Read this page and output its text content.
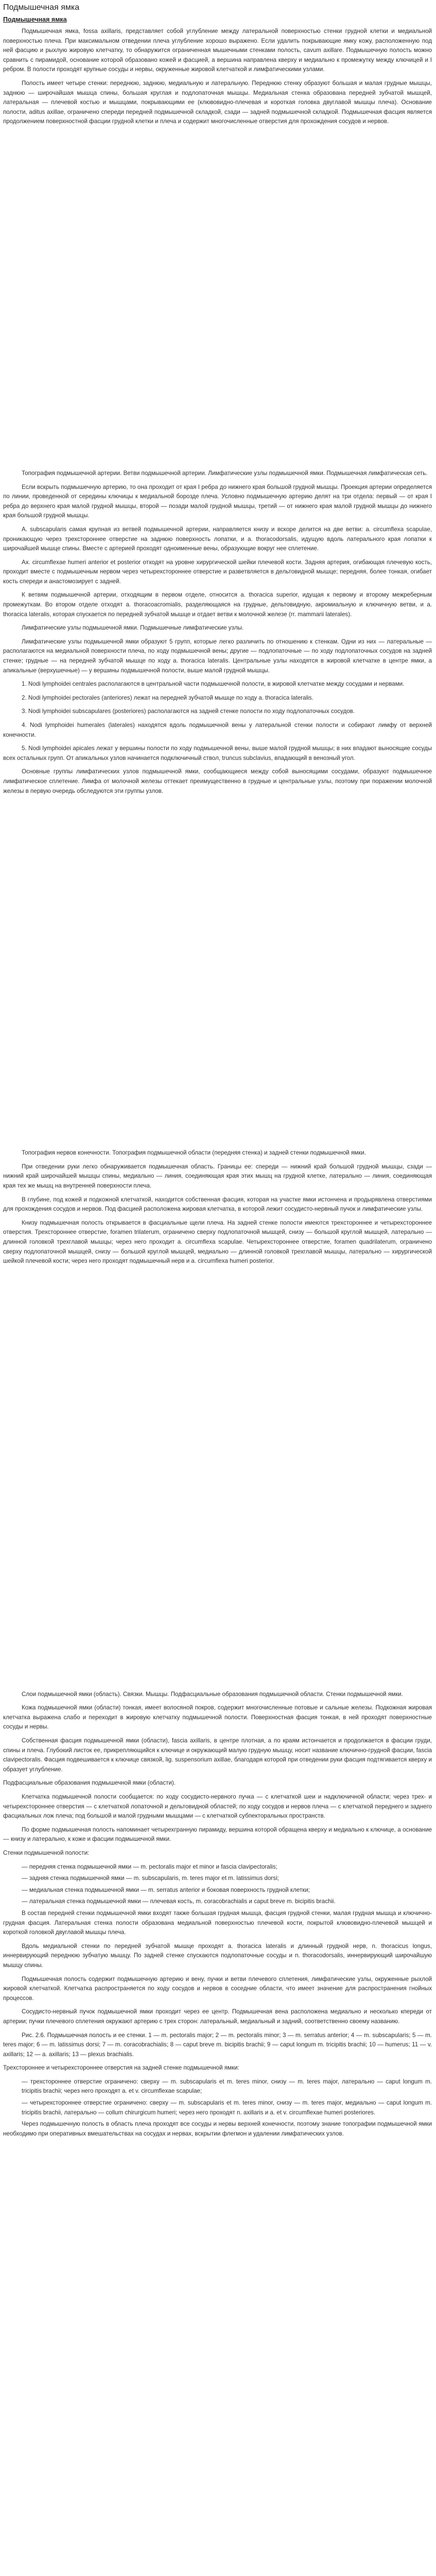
Подмышечная ямка
Подмышечная ямка

Подмышечная ямка, fossa axillaris, представляет собой углубление между латеральной поверхностью стенки грудной клетки и медиальной поверхностью плеча. При максимальном отведении плеча углубление хорошо выражено. Если удалить покрывающие ямку кожу, расположенную под ней фасцию и рыхлую жировую клетчатку, то обнаружится ограниченная мышечными стенками полость, cavum axillare. Подмышечную полость можно сравнить с пирамидой, основание которой образовано кожей и фасцией, а вершина направлена кверху и медиально к промежутку между ключицей и I ребром. В полости проходят крупные сосуды и нервы, окруженные жировой клетчаткой и лимфатическими узлами.

Полость имеет четыре стенки: переднюю, заднюю, медиальную и латеральную. Переднюю стенку образуют большая и малая грудные мышцы, заднюю — широчайшая мышца спины, большая круглая и подлопаточная мышцы. Медиальная стенка образована передней зубчатой мышцей, латеральная — плечевой костью и мышцами, покрывающими ее (клювовидно-плечевая и короткая головка двуглавой мышцы плеча). Основание полости, aditus axillae, ограничено спереди передней подмышечной складкой, сзади — задней подмышечной складкой. Подмышечная фасция является продолжением поверхностной фасции грудной клетки и плеча и содержит многочисленные отверстия для прохождения сосудов и нервов.

Топография подмышечной артерии. Ветви подмышечной артерии. Лимфатические узлы подмышечной ямки. Подмышечная лимфатическая сеть.

Если вскрыть подмышечную артерию, то она проходит от края I ребра до нижнего края большой грудной мышцы. Проекция артерии определяется по линии, проведенной от середины ключицы к медиальной борозде плеча. Условно подмышечную артерию делят на три отдела: первый — от края I ребра до верхнего края малой грудной мышцы, второй — позади малой грудной мышцы, третий — от нижнего края малой грудной мышцы до нижнего края большой грудной мышцы.

A. subscapularis самая крупная из ветвей подмышечной артерии, направляется книзу и вскоре делится на две ветви: a. circumflexa scapulae, проникающую через трехстороннее отверстие на заднюю поверхность лопатки, и a. thoracodorsalis, идущую вдоль латерального края лопатки к широчайшей мышце спины. Вместе с артерией проходят одноименные вены, образующие вокруг нее сплетение.

Ах. circumflexae humeri anterior et posterior отходят на уровне хирургической шейки плечевой кости. Задняя артерия, огибающая плечевую кость, проходит вместе с подмышечным нервом через четырехстороннее отверстие и разветвляется в дельтовидной мышце; передняя, более тонкая, огибает кость спереди и анастомозирует с задней.

К ветвям подмышечной артерии, отходящим в первом отделе, относится a. thoracica superior, идущая к первому и второму межреберным промежуткам. Во втором отделе отходят a. thoracoacromialis, разделяющаяся на грудные, дельтовидную, акромиальную и ключичную ветви, и a. thoracica lateralis, которая спускается по передней зубчатой мышце и отдает ветви к молочной железе (rr. mammarii laterales).

Лимфатические узлы подмышечной ямки. Подмышечные лимфатические узлы.

Лимфатические узлы подмышечной ямки образуют 5 групп, которые легко различить по отношению к стенкам. Одни из них — латеральные — располагаются на медиальной поверхности плеча, по ходу подмышечной вены; другие — подлопаточные — по ходу подлопаточных сосудов на задней стенке; грудные — на передней зубчатой мышце по ходу a. thoracica lateralis. Центральные узлы находятся в жировой клетчатке в центре ямки, а апикальные (верхушечные) — у вершины подмышечной полости, выше малой грудной мышцы.

1. Nodi lymphoidei centrales располагаются в центральной части подмышечной полости, в жировой клетчатке между сосудами и нервами.

2. Nodi lymphoidei pectorales (anteriores) лежат на передней зубчатой мышце по ходу a. thoracica lateralis.

3. Nodi lymphoidei subscapulares (posteriores) располагаются на задней стенке полости по ходу подлопаточных сосудов.

4. Nodi lymphoidei humerales (laterales) находятся вдоль подмышечной вены у латеральной стенки полости и собирают лимфу от верхней конечности.

5. Nodi lymphoidei apicales лежат у вершины полости по ходу подмышечной вены, выше малой грудной мышцы; в них впадают выносящие сосуды всех остальных групп. От апикальных узлов начинается подключичный ствол, truncus subclavius, впадающий в венозный угол.

Основные группы лимфатических узлов подмышечной ямки, сообщающиеся между собой выносящими сосудами, образуют подмышечное лимфатическое сплетение. Лимфа от молочной железы оттекает преимущественно в грудные и центральные узлы, поэтому при поражении молочной железы в первую очередь обследуются эти группы узлов.

Топография нервов конечности. Топография подмышечной области (передняя стенка) и задней стенки подмышечной ямки.

При отведении руки легко обнаруживается подмышечная область. Границы ее: спереди — нижний край большой грудной мышцы, сзади — нижний край широчайшей мышцы спины, медиально — линия, соединяющая края этих мышц на грудной клетке, латерально — линия, соединяющая края тех же мышц на внутренней поверхности плеча.

В глубине, под кожей и подкожной клетчаткой, находится собственная фасция, которая на участке ямки истончена и продырявлена отверстиями для прохождения сосудов и нервов. Под фасцией расположена жировая клетчатка, в которой лежит сосудисто-нервный пучок и лимфатические узлы.

Книзу подмышечная полость открывается в фасциальные щели плеча. На задней стенке полости имеются трехстороннее и четырехстороннее отверстия. Трехстороннее отверстие, foramen trilaterum, ограничено сверху подлопаточной мышцей, снизу — большой круглой мышцей, латерально — длинной головкой трехглавой мышцы; через него проходит a. circumflexa scapulae. Четырехстороннее отверстие, foramen quadrilaterum, ограничено сверху подлопаточной мышцей, снизу — большой круглой мышцей, медиально — длинной головкой трехглавой мышцы, латерально — хирургической шейкой плечевой кости; через него проходят подмышечный нерв и a. circumflexa humeri posterior.

Слои подмышечной ямки (область). Связки. Мышцы. Подфасциальные образования подмышечной области. Стенки подмышечной ямки.

Кожа подмышечной ямки (области) тонкая, имеет волосяной покров, содержит многочисленные потовые и сальные железы. Подкожная жировая клетчатка выражена слабо и переходит в жировую клетчатку подмышечной полости. Поверхностная фасция тонкая, в ней проходят поверхностные сосуды и нервы.

Собственная фасция подмышечной ямки (области), fascia axillaris, в центре плотная, а по краям истончается и продолжается в фасции груди, спины и плеча. Глубокий листок ее, прикрепляющийся к ключице и окружающий малую грудную мышцу, носит название ключично-грудной фасции, fascia clavipectoralis. Фасция подвешивается к ключице связкой, lig. suspensorium axillae, благодаря которой при отведении руки фасция подтягивается кверху и образует углубление.

Подфасциальные образования подмышечной ямки (области).

Клетчатка подмышечной полости сообщается: по ходу сосудисто-нервного пучка — с клетчаткой шеи и надключичной области; через трех- и четырехстороннее отверстия — с клетчаткой лопаточной и дельтовидной областей; по ходу сосудов и нервов плеча — с клетчаткой переднего и заднего фасциальных лож плеча; под большой и малой грудными мышцами — с клетчаткой субпекторальных пространств.

По форме подмышечная полость напоминает четырехгранную пирамиду, вершина которой обращена кверху и медиально к ключице, а основание — книзу и латерально, к коже и фасции подмышечной ямки.

Стенки подмышечной полости:

— передняя стенка подмышечной ямки — m. pectoralis major et minor и fascia clavipectoralis;

— задняя стенка подмышечной ямки — m. subscapularis, m. teres major et m. latissimus dorsi;

— медиальная стенка подмышечной ямки — m. serratus anterior и боковая поверхность грудной клетки;

— латеральная стенка подмышечной ямки — плечевая кость, m. coracobrachialis и caput breve m. bicipitis brachii.

В состав передней стенки подмышечной ямки входят также большая грудная мышца, фасция грудной стенки, малая грудная мышца и ключично-грудная фасция. Латеральная стенка полости образована медиальной поверхностью плечевой кости, покрытой клювовидно-плечевой мышцей и короткой головкой двуглавой мышцы плеча.

Вдоль медиальной стенки по передней зубчатой мышце проходят a. thoracica lateralis и длинный грудной нерв, n. thoracicus longus, иннервирующий переднюю зубчатую мышцу. По задней стенке спускаются подлопаточные сосуды и n. thoracodorsalis, иннервирующий широчайшую мышцу спины.

Подмышечная полость содержит подмышечную артерию и вену, пучки и ветви плечевого сплетения, лимфатические узлы, окруженные рыхлой жировой клетчаткой. Клетчатка распространяется по ходу сосудов и нервов в соседние области, что имеет значение для распространения гнойных процессов.

Сосудисто-нервный пучок подмышечной ямки проходит через ее центр. Подмышечная вена расположена медиально и несколько кпереди от артерии; пучки плечевого сплетения окружают артерию с трех сторон: латеральный, медиальный и задний, соответственно своему названию.

Рис. 2.6. Подмышечная полость и ее стенки. 1 — m. pectoralis major; 2 — m. pectoralis minor; 3 — m. serratus anterior; 4 — m. subscapularis; 5 — m. teres major; 6 — m. latissimus dorsi; 7 — m. coracobrachialis; 8 — caput breve m. bicipitis brachii; 9 — caput longum m. tricipitis brachii; 10 — humerus; 11 — v. axillaris; 12 — a. axillaris; 13 — plexus brachialis.

Трехстороннее и четырехстороннее отверстия на задней стенке подмышечной ямки:

— трехстороннее отверстие ограничено: сверху — m. subscapularis et m. teres minor, снизу — m. teres major, латерально — caput longum m. tricipitis brachii; через него проходят a. et v. circumflexae scapulae;

— четырехстороннее отверстие ограничено: сверху — m. subscapularis et m. teres minor, снизу — m. teres major, медиально — caput longum m. tricipitis brachii, латерально — collum chirurgicum humeri; через него проходят n. axillaris и a. et v. circumflexae humeri posteriores.

Через подмышечную полость в область плеча проходят все сосуды и нервы верхней конечности, поэтому знание топографии подмышечной ямки необходимо при оперативных вмешательствах на сосудах и нервах, вскрытии флегмон и удалении лимфатических узлов.
